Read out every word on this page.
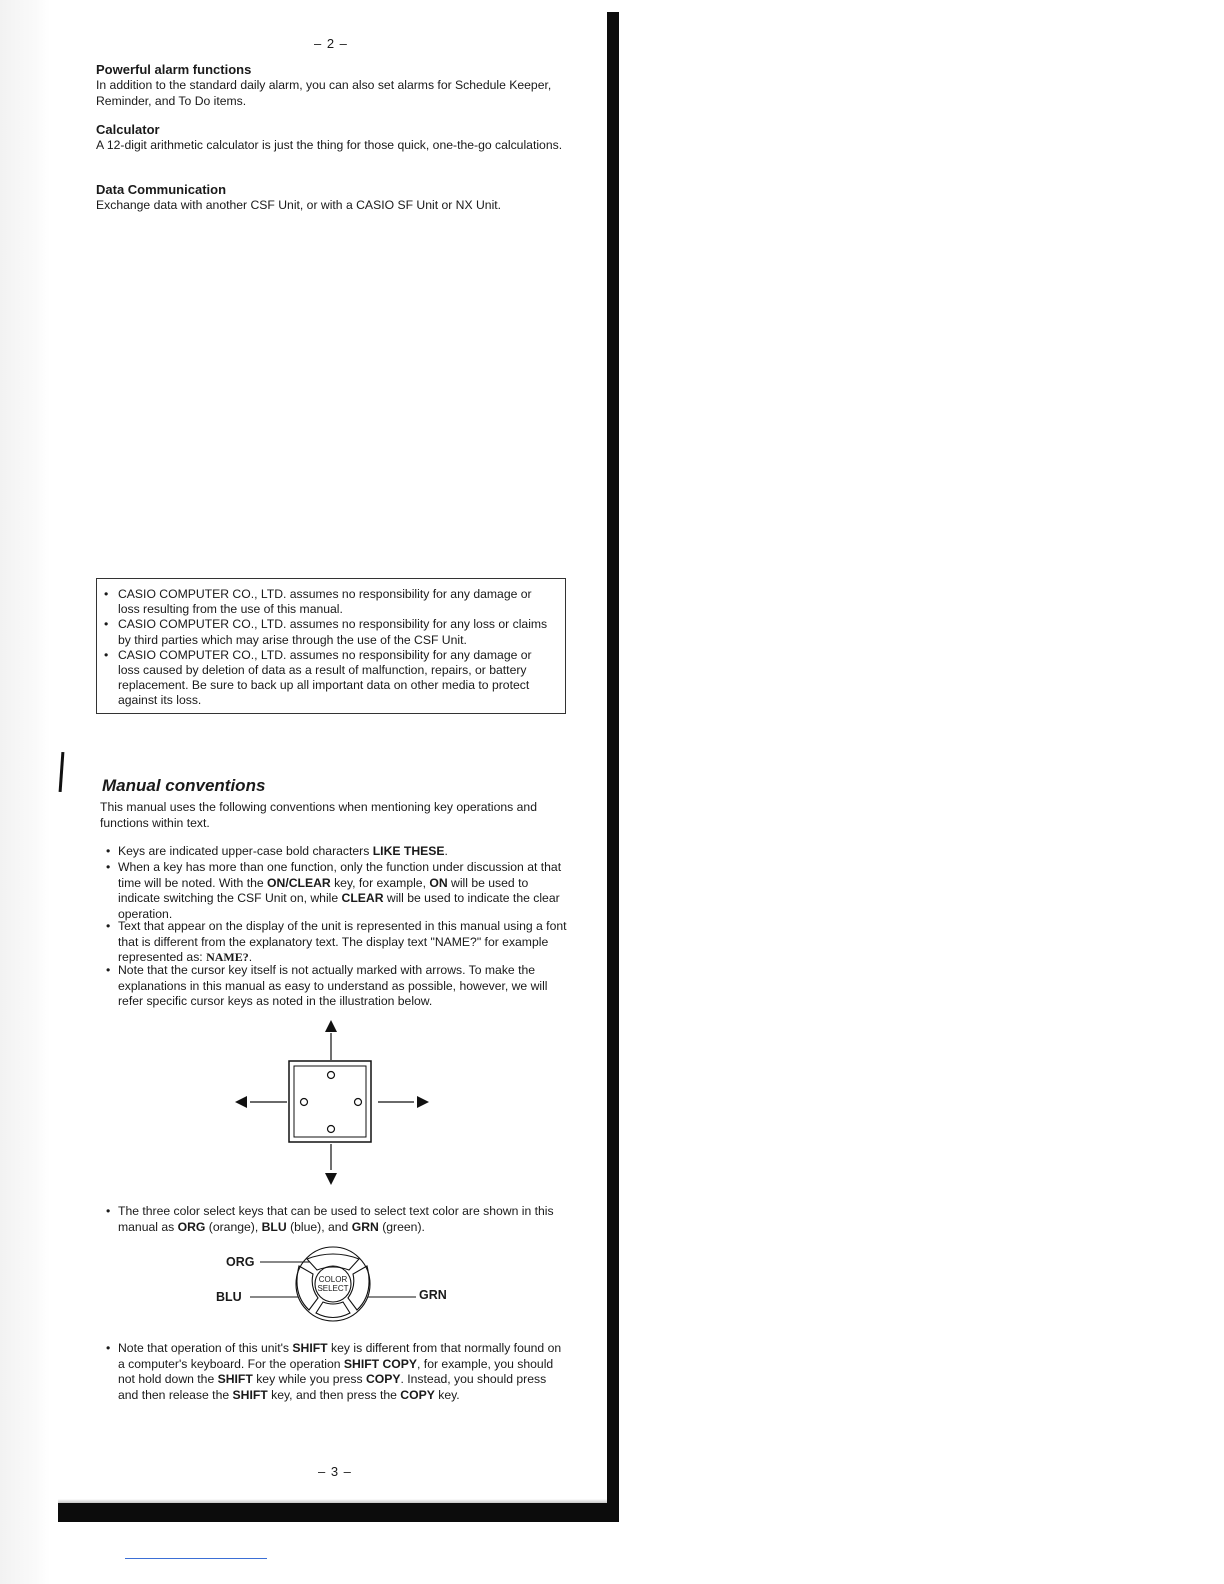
– 2 –
Powerful alarm functions

In addition to the standard daily alarm, you can also set alarms for Schedule Keeper, Reminder, and To Do items.

Calculator

A 12-digit arithmetic calculator is just the thing for those quick, one-the-go calculations.

Data Communication

Exchange data with another CSF Unit, or with a CASIO SF Unit or NX Unit.

• CASIO COMPUTER CO., LTD. assumes no responsibility for any damage or loss resulting from the use of this manual.
• CASIO COMPUTER CO., LTD. assumes no responsibility for any loss or claims by third parties which may arise through the use of the CSF Unit.
• CASIO COMPUTER CO., LTD. assumes no responsibility for any damage or loss caused by deletion of data as a result of malfunction, repairs, or battery replacement. Be sure to back up all important data on other media to protect against its loss.
Manual conventions
This manual uses the following conventions when mentioning key operations and functions within text.
• Keys are indicated upper-case bold characters LIKE THESE.
• When a key has more than one function, only the function under discussion at that time will be noted. With the ON/CLEAR key, for example, ON will be used to indicate switching the CSF Unit on, while CLEAR will be used to indicate the clear operation.
• Text that appear on the display of the unit is represented in this manual using a font that is different from the explanatory text. The display text "NAME?" for example represented as: NAME?.
• Note that the cursor key itself is not actually marked with arrows. To make the explanations in this manual as easy to understand as possible, however, we will refer specific cursor keys as noted in the illustration below.
• The three color select keys that can be used to select text color are shown in this manual as ORG (orange), BLU (blue), and GRN (green).
ORG
BLU	GRN
COLOR
SELECT
• Note that operation of this unit's SHIFT key is different from that normally found on a computer's keyboard. For the operation SHIFT COPY, for example, you should not hold down the SHIFT key while you press COPY. Instead, you should press and then release the SHIFT key, and then press the COPY key.
– 3 –
